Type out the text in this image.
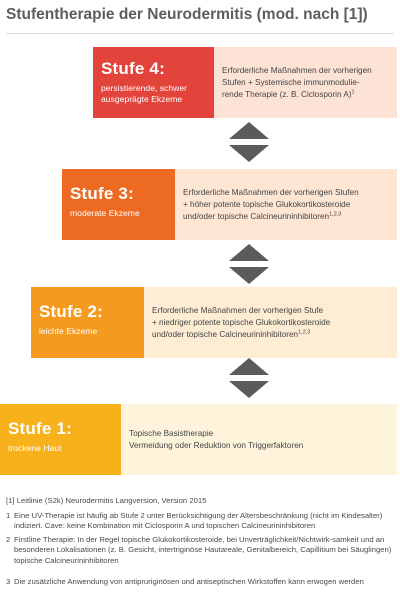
Stufentherapie der Neurodermitis (mod. nach [1])
Stufe 4:
persistierende, schwer
ausgeprägte Ekzeme
Erforderliche Maßnahmen der vorherigen
Stufen + Systemische immunmodulie-
rende Therapie (z. B. Ciclosporin A)$^1$
Stufe 3:
moderate Ekzeme
Erforderliche Maßnahmen der vorherigen Stufen
+ höher potente topische Glukokortikosteroide
und/oder topische Calcineurininhibitoren$^{1,2,3}$
Stufe 2:
leichte Ekzeme
Erforderliche Maßnahmen der vorherigen Stufe
+ niedriger potente topische Glukokortikosteroide
und/oder topische Calcineurininhibitoren$^{1,2,3}$
Stufe 1:
trockene Haut
Topische Basistherapie
Vermeidung oder Reduktion von Triggerfaktoren
[1] Leitlinie (S2k) Neurodermitis Langversion, Version 2015
1 Eine UV-Therapie ist häufig ab Stufe 2 unter Berücksichtigung der Altersbeschränkung (nicht im Kindesalter) indiziert. Cave: keine Kombination mit Ciclosporin A und topischen Calcineurininhibitoren
2 Firstline Therapie: In der Regel topische Glukokortikosteroide, bei Unverträglichkeit/Nichtwirk-samkeit und an besonderen Lokalisationen (z. B. Gesicht, intertriginöse Hautareale, Genitalbereich, Capillitium bei Säuglingen) topische Calcineurininhibitoren
3 Die zusätzliche Anwendung von antipruriginösen und antiseptischen Wirkstoffen kann erwogen werden
